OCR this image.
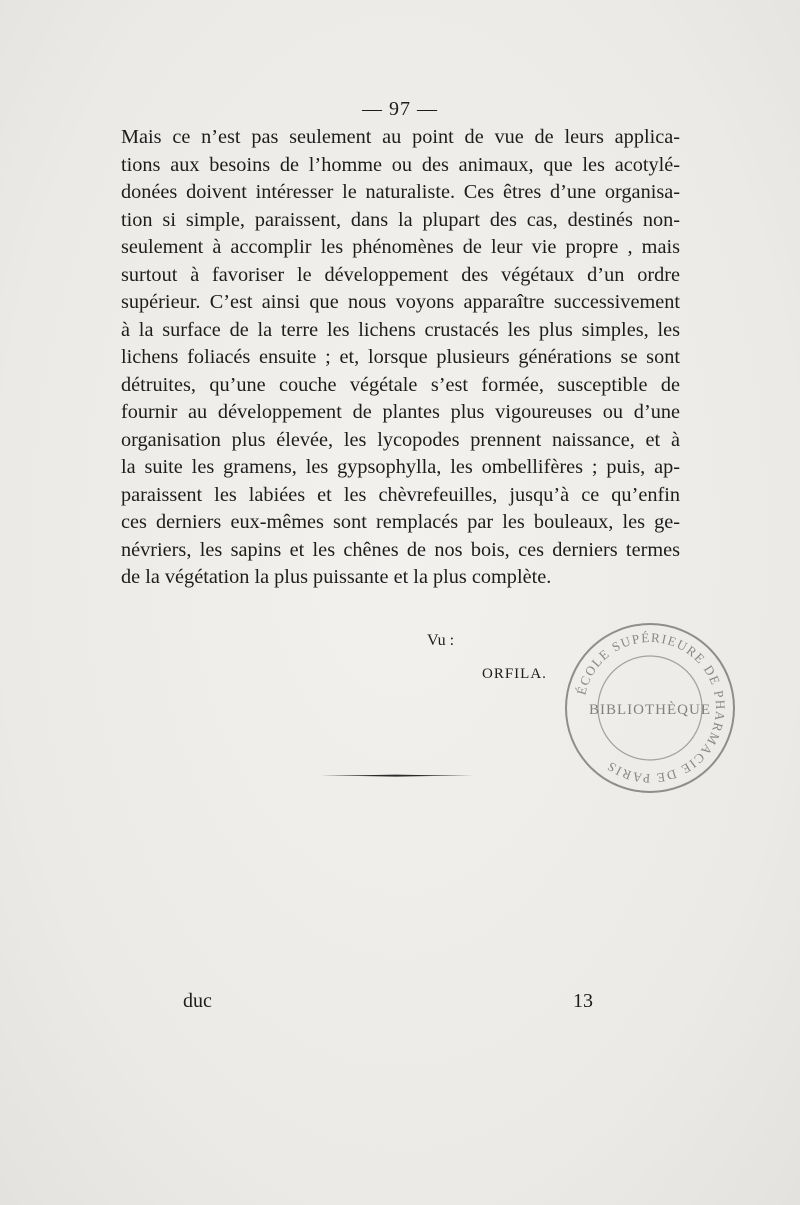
— 97 —
Mais ce n’est pas seulement au point de vue de leurs applica-
tions aux besoins de l’homme ou des animaux, que les acotylé-
donées doivent intéresser le naturaliste. Ces êtres d’une organisa-
tion si simple, paraissent, dans la plupart des cas, destinés non-
seulement à accomplir les phénomènes de leur vie propre , mais
surtout à favoriser le développement des végétaux d’un ordre
supérieur. C’est ainsi que nous voyons apparaître successivement
à la surface de la terre les lichens crustacés les plus simples, les
lichens foliacés ensuite ; et, lorsque plusieurs générations se sont
détruites, qu’une couche végétale s’est formée, susceptible de
fournir au développement de plantes plus vigoureuses ou d’une
organisation plus élevée, les lycopodes prennent naissance, et à
la suite les gramens, les gypsophylla, les ombellifères ; puis, ap-
paraissent les labiées et les chèvrefeuilles, jusqu’à ce qu’enfin
ces derniers eux-mêmes sont remplacés par les bouleaux, les ge-
névriers, les sapins et les chênes de nos bois, ces derniers termes
de la végétation la plus puissante et la plus complète.
Vu :
ORFILA.
ÉCOLE SUPÉRIEURE DE PHARMACIE DE PARIS
BIBLIOTHÈQUE
duc	13
